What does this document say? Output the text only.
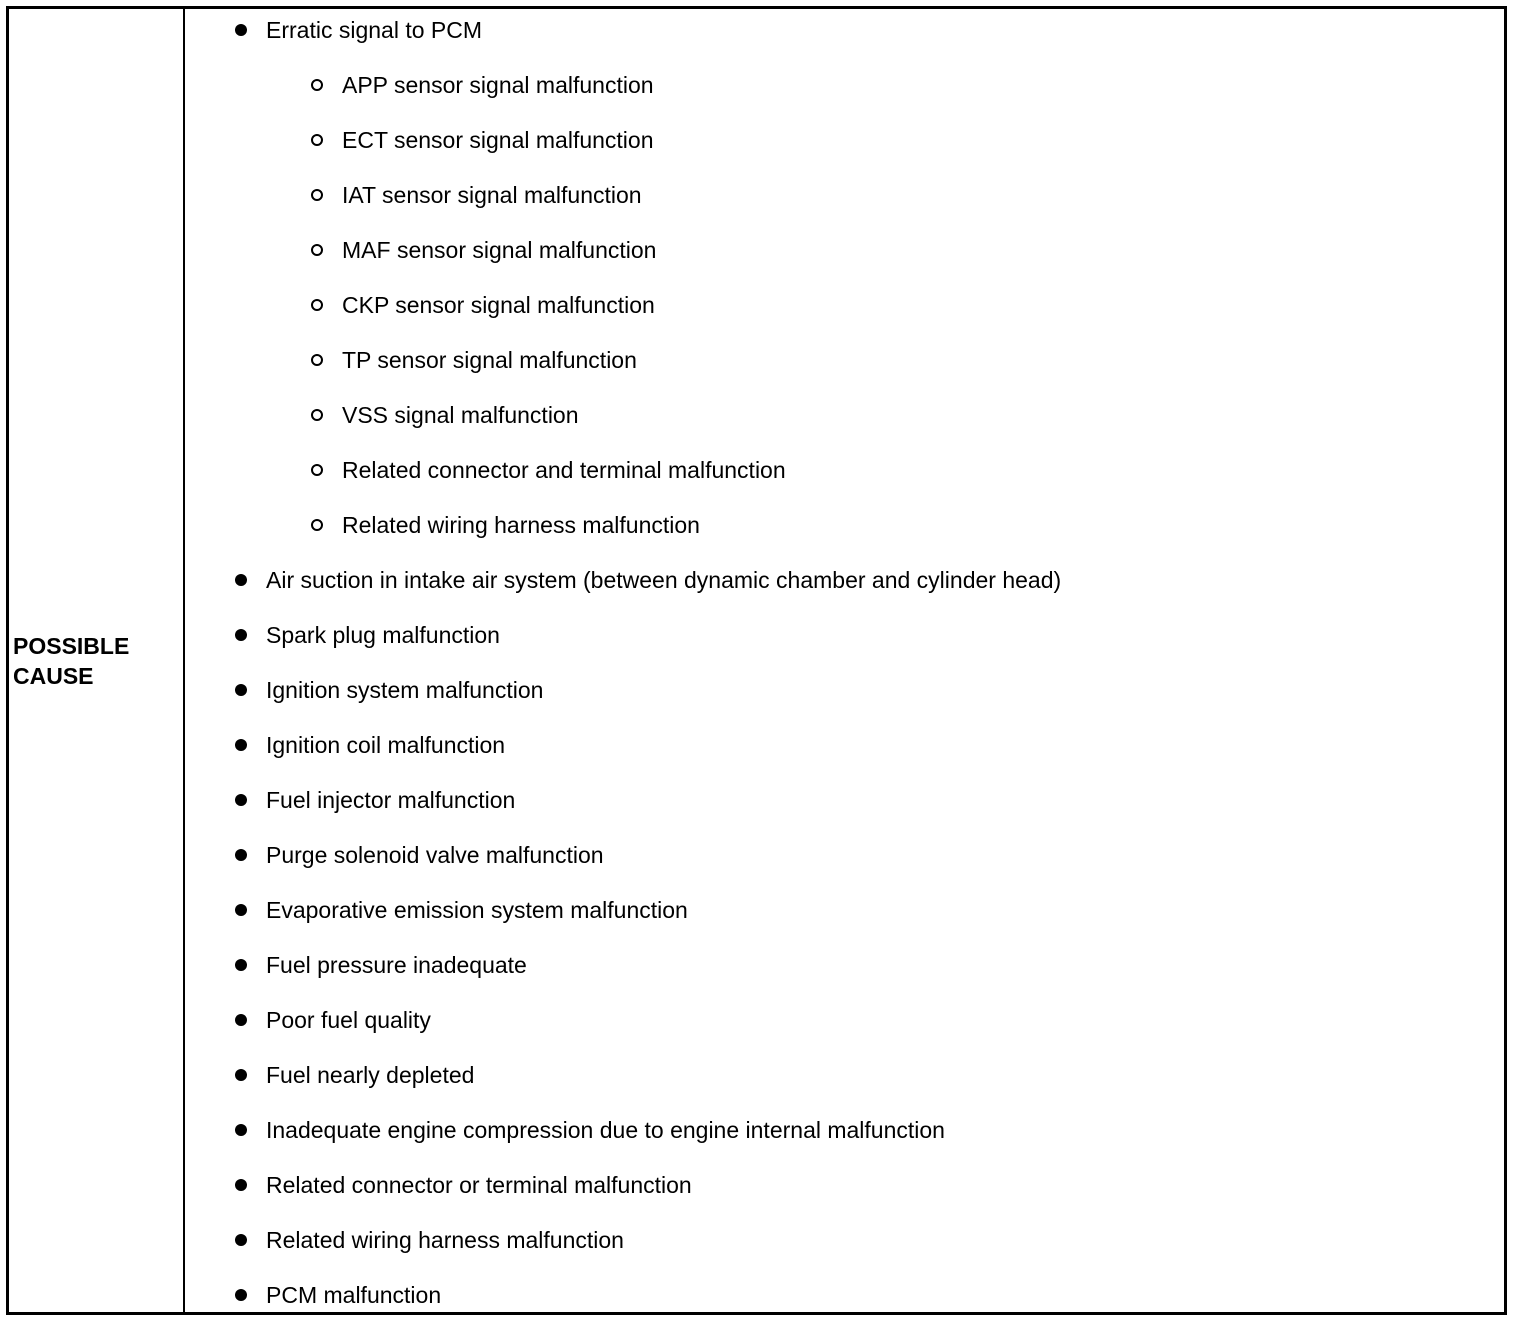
POSSIBLE
CAUSE
Erratic signal to PCM
APP sensor signal malfunction
ECT sensor signal malfunction
IAT sensor signal malfunction
MAF sensor signal malfunction
CKP sensor signal malfunction
TP sensor signal malfunction
VSS signal malfunction
Related connector and terminal malfunction
Related wiring harness malfunction
Air suction in intake air system (between dynamic chamber and cylinder head)
Spark plug malfunction
Ignition system malfunction
Ignition coil malfunction
Fuel injector malfunction
Purge solenoid valve malfunction
Evaporative emission system malfunction
Fuel pressure inadequate
Poor fuel quality
Fuel nearly depleted
Inadequate engine compression due to engine internal malfunction
Related connector or terminal malfunction
Related wiring harness malfunction
PCM malfunction
